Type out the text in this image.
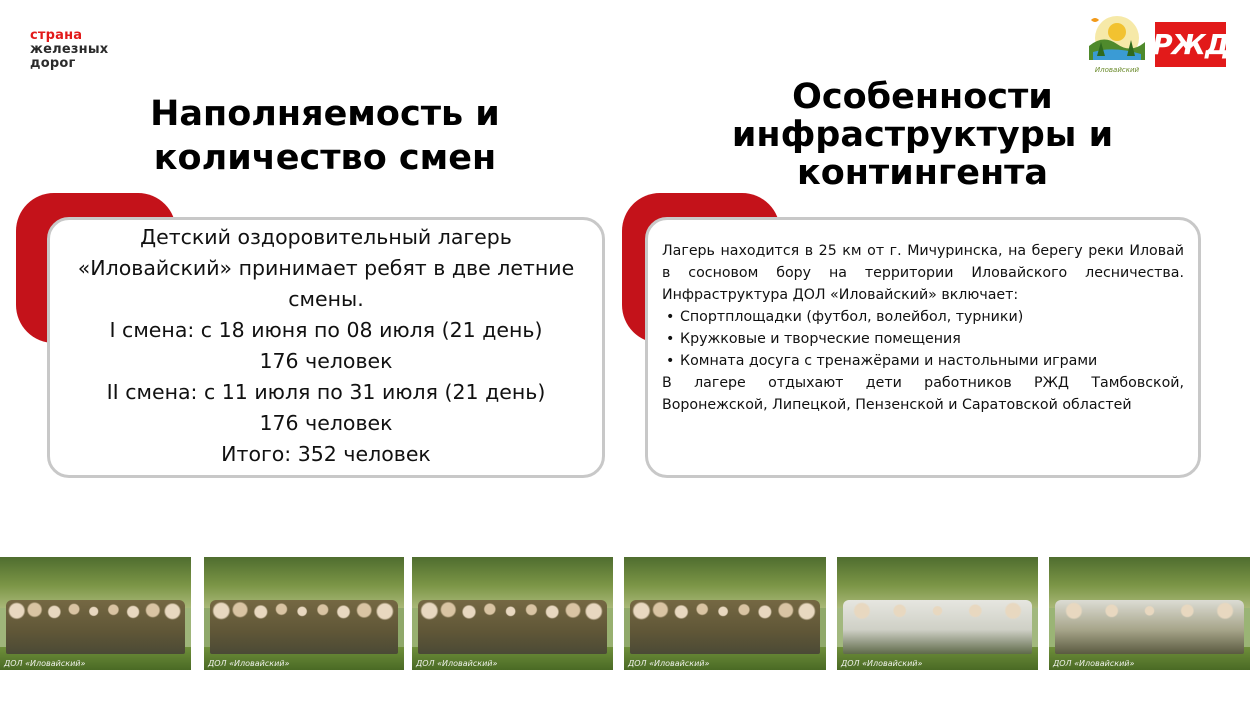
страна
железных
дорог	Иловайский
РЖД
Наполняемость и
количество смен
Особенности
инфраструктуры и
контингента

Детский оздоровительный лагерь

«Иловайский» принимает ребят в две летние

смены.

I смена: с 18 июня по 08 июля (21 день)

176 человек

II смена: с 11 июля по 31 июля (21 день)

176 человек

Итого: 352 человек

Лагерь находится в 25 км от г. Мичуринска, на берегу реки Иловай в сосновом бору на территории Иловайского лесничества. Инфраструктура ДОЛ «Иловайский» включает:

• Спортплощадки (футбол, волейбол, турники)
• Кружковые и творческие помещения
• Комната досуга с тренажёрами и настольными играми

В лагере отдыхают дети работников РЖД Тамбовской, Воронежской, Липецкой, Пензенской и Саратовской областей

ДОЛ «Иловайский»	ДОЛ «Иловайский»	ДОЛ «Иловайский»	ДОЛ «Иловайский»	ДОЛ «Иловайский»	ДОЛ «Иловайский»
